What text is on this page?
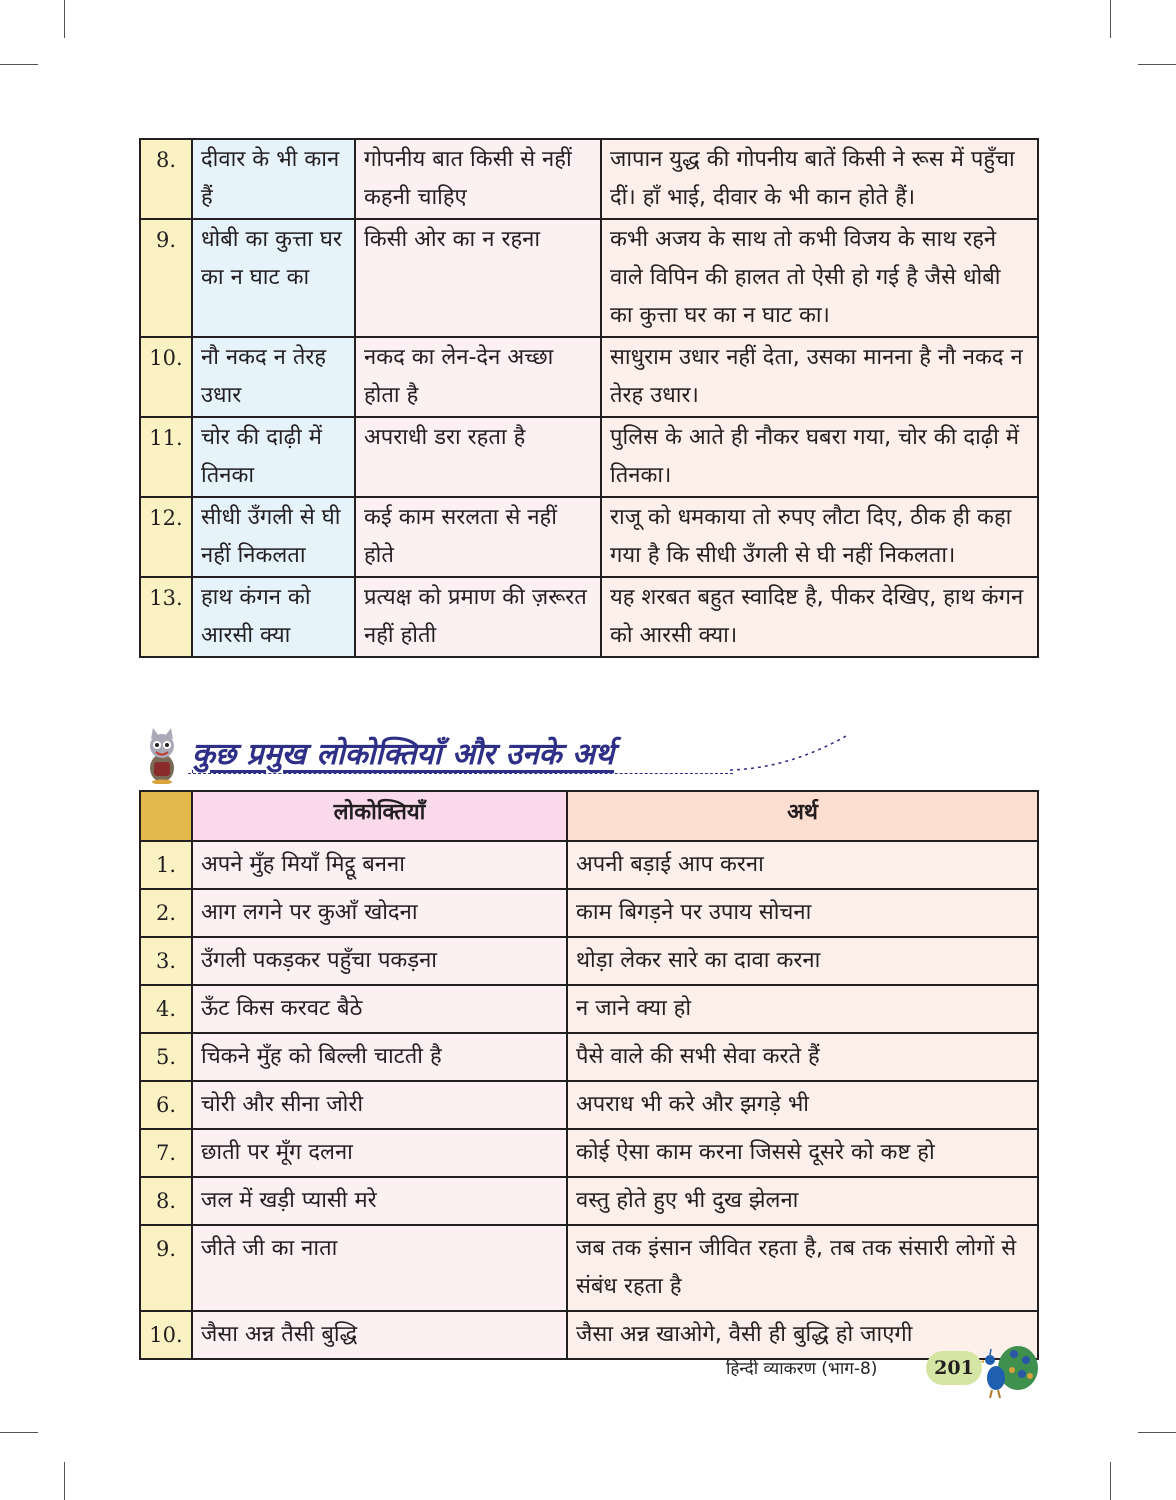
8.	दीवार के भी कान हैं	गोपनीय बात किसी से नहीं कहनी चाहिए	जापान युद्ध की गोपनीय बातें किसी ने रूस में पहुँचा दीं। हाँ भाई, दीवार के भी कान होते हैं।
9.	धोबी का कुत्ता घर का न घाट का	किसी ओर का न रहना	कभी अजय के साथ तो कभी विजय के साथ रहने वाले विपिन की हालत तो ऐसी हो गई है जैसे धोबी का कुत्ता घर का न घाट का।
10.	नौ नकद न तेरह उधार	नकद का लेन-देन अच्छा होता है	साधुराम उधार नहीं देता, उसका मानना है नौ नकद न तेरह उधार।
11.	चोर की दाढ़ी में तिनका	अपराधी डरा रहता है	पुलिस के आते ही नौकर घबरा गया, चोर की दाढ़ी में तिनका।
12.	सीधी उँगली से घी नहीं निकलता	कई काम सरलता से नहीं होते	राजू को धमकाया तो रुपए लौटा दिए, ठीक ही कहा गया है कि सीधी उँगली से घी नहीं निकलता।
13.	हाथ कंगन को आरसी क्या	प्रत्यक्ष को प्रमाण की ज़रूरत नहीं होती	यह शरबत बहुत स्वादिष्ट है, पीकर देखिए, हाथ कंगन को आरसी क्या।
कुछ प्रमुख लोकोक्तियाँ और उनके अर्थ
	लोकोक्तियाँ	अर्थ
1.	अपने मुँह मियाँ मिट्ठू बनना	अपनी बड़ाई आप करना
2.	आग लगने पर कुआँ खोदना	काम बिगड़ने पर उपाय सोचना
3.	उँगली पकड़कर पहुँचा पकड़ना	थोड़ा लेकर सारे का दावा करना
4.	ऊँट किस करवट बैठे	न जाने क्या हो
5.	चिकने मुँह को बिल्ली चाटती है	पैसे वाले की सभी सेवा करते हैं
6.	चोरी और सीना जोरी	अपराध भी करे और झगड़े भी
7.	छाती पर मूँग दलना	कोई ऐसा काम करना जिससे दूसरे को कष्ट हो
8.	जल में खड़ी प्यासी मरे	वस्तु होते हुए भी दुख झेलना
9.	जीते जी का नाता	जब तक इंसान जीवित रहता है, तब तक संसारी लोगों से संबंध रहता है
10.	जैसा अन्न तैसी बुद्धि	जैसा अन्न खाओगे, वैसी ही बुद्धि हो जाएगी
हिन्दी व्याकरण (भाग-8)	201
